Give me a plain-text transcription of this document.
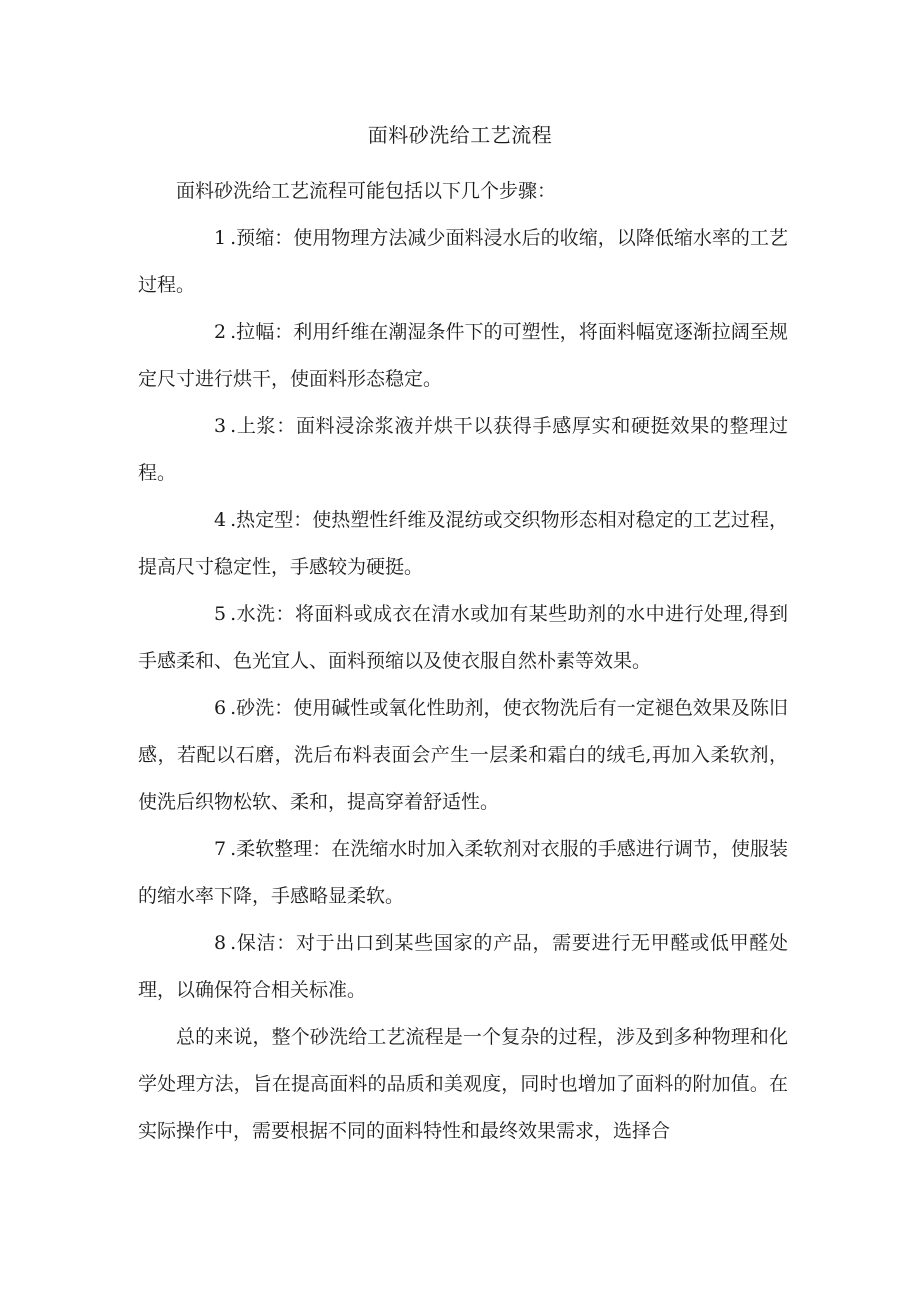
面料砂洗给工艺流程

面料砂洗给工艺流程可能包括以下几个步骤：

1 .预缩：使用物理方法减少面料浸水后的收缩，以降低缩水率的工艺过程。

2 .拉幅：利用纤维在潮湿条件下的可塑性，将面料幅宽逐渐拉阔至规定尺寸进行烘干，使面料形态稳定。

3 .上浆：面料浸涂浆液并烘干以获得手感厚实和硬挺效果的整理过程。

4 .热定型：使热塑性纤维及混纺或交织物形态相对稳定的工艺过程，提高尺寸稳定性，手感较为硬挺。

5 .水洗：将面料或成衣在清水或加有某些助剂的水中进行处理,得到手感柔和、色光宜人、面料预缩以及使衣服自然朴素等效果。

6 .砂洗：使用碱性或氧化性助剂，使衣物洗后有一定褪色效果及陈旧感，若配以石磨，洗后布料表面会产生一层柔和霜白的绒毛,再加入柔软剂，使洗后织物松软、柔和，提高穿着舒适性。

7 .柔软整理：在洗缩水时加入柔软剂对衣服的手感进行调节，使服装的缩水率下降，手感略显柔软。

8 .保洁：对于出口到某些国家的产品，需要进行无甲醛或低甲醛处理，以确保符合相关标准。

总的来说，整个砂洗给工艺流程是一个复杂的过程，涉及到多种物理和化学处理方法，旨在提高面料的品质和美观度，同时也增加了面料的附加值。在实际操作中，需要根据不同的面料特性和最终效果需求，选择合
